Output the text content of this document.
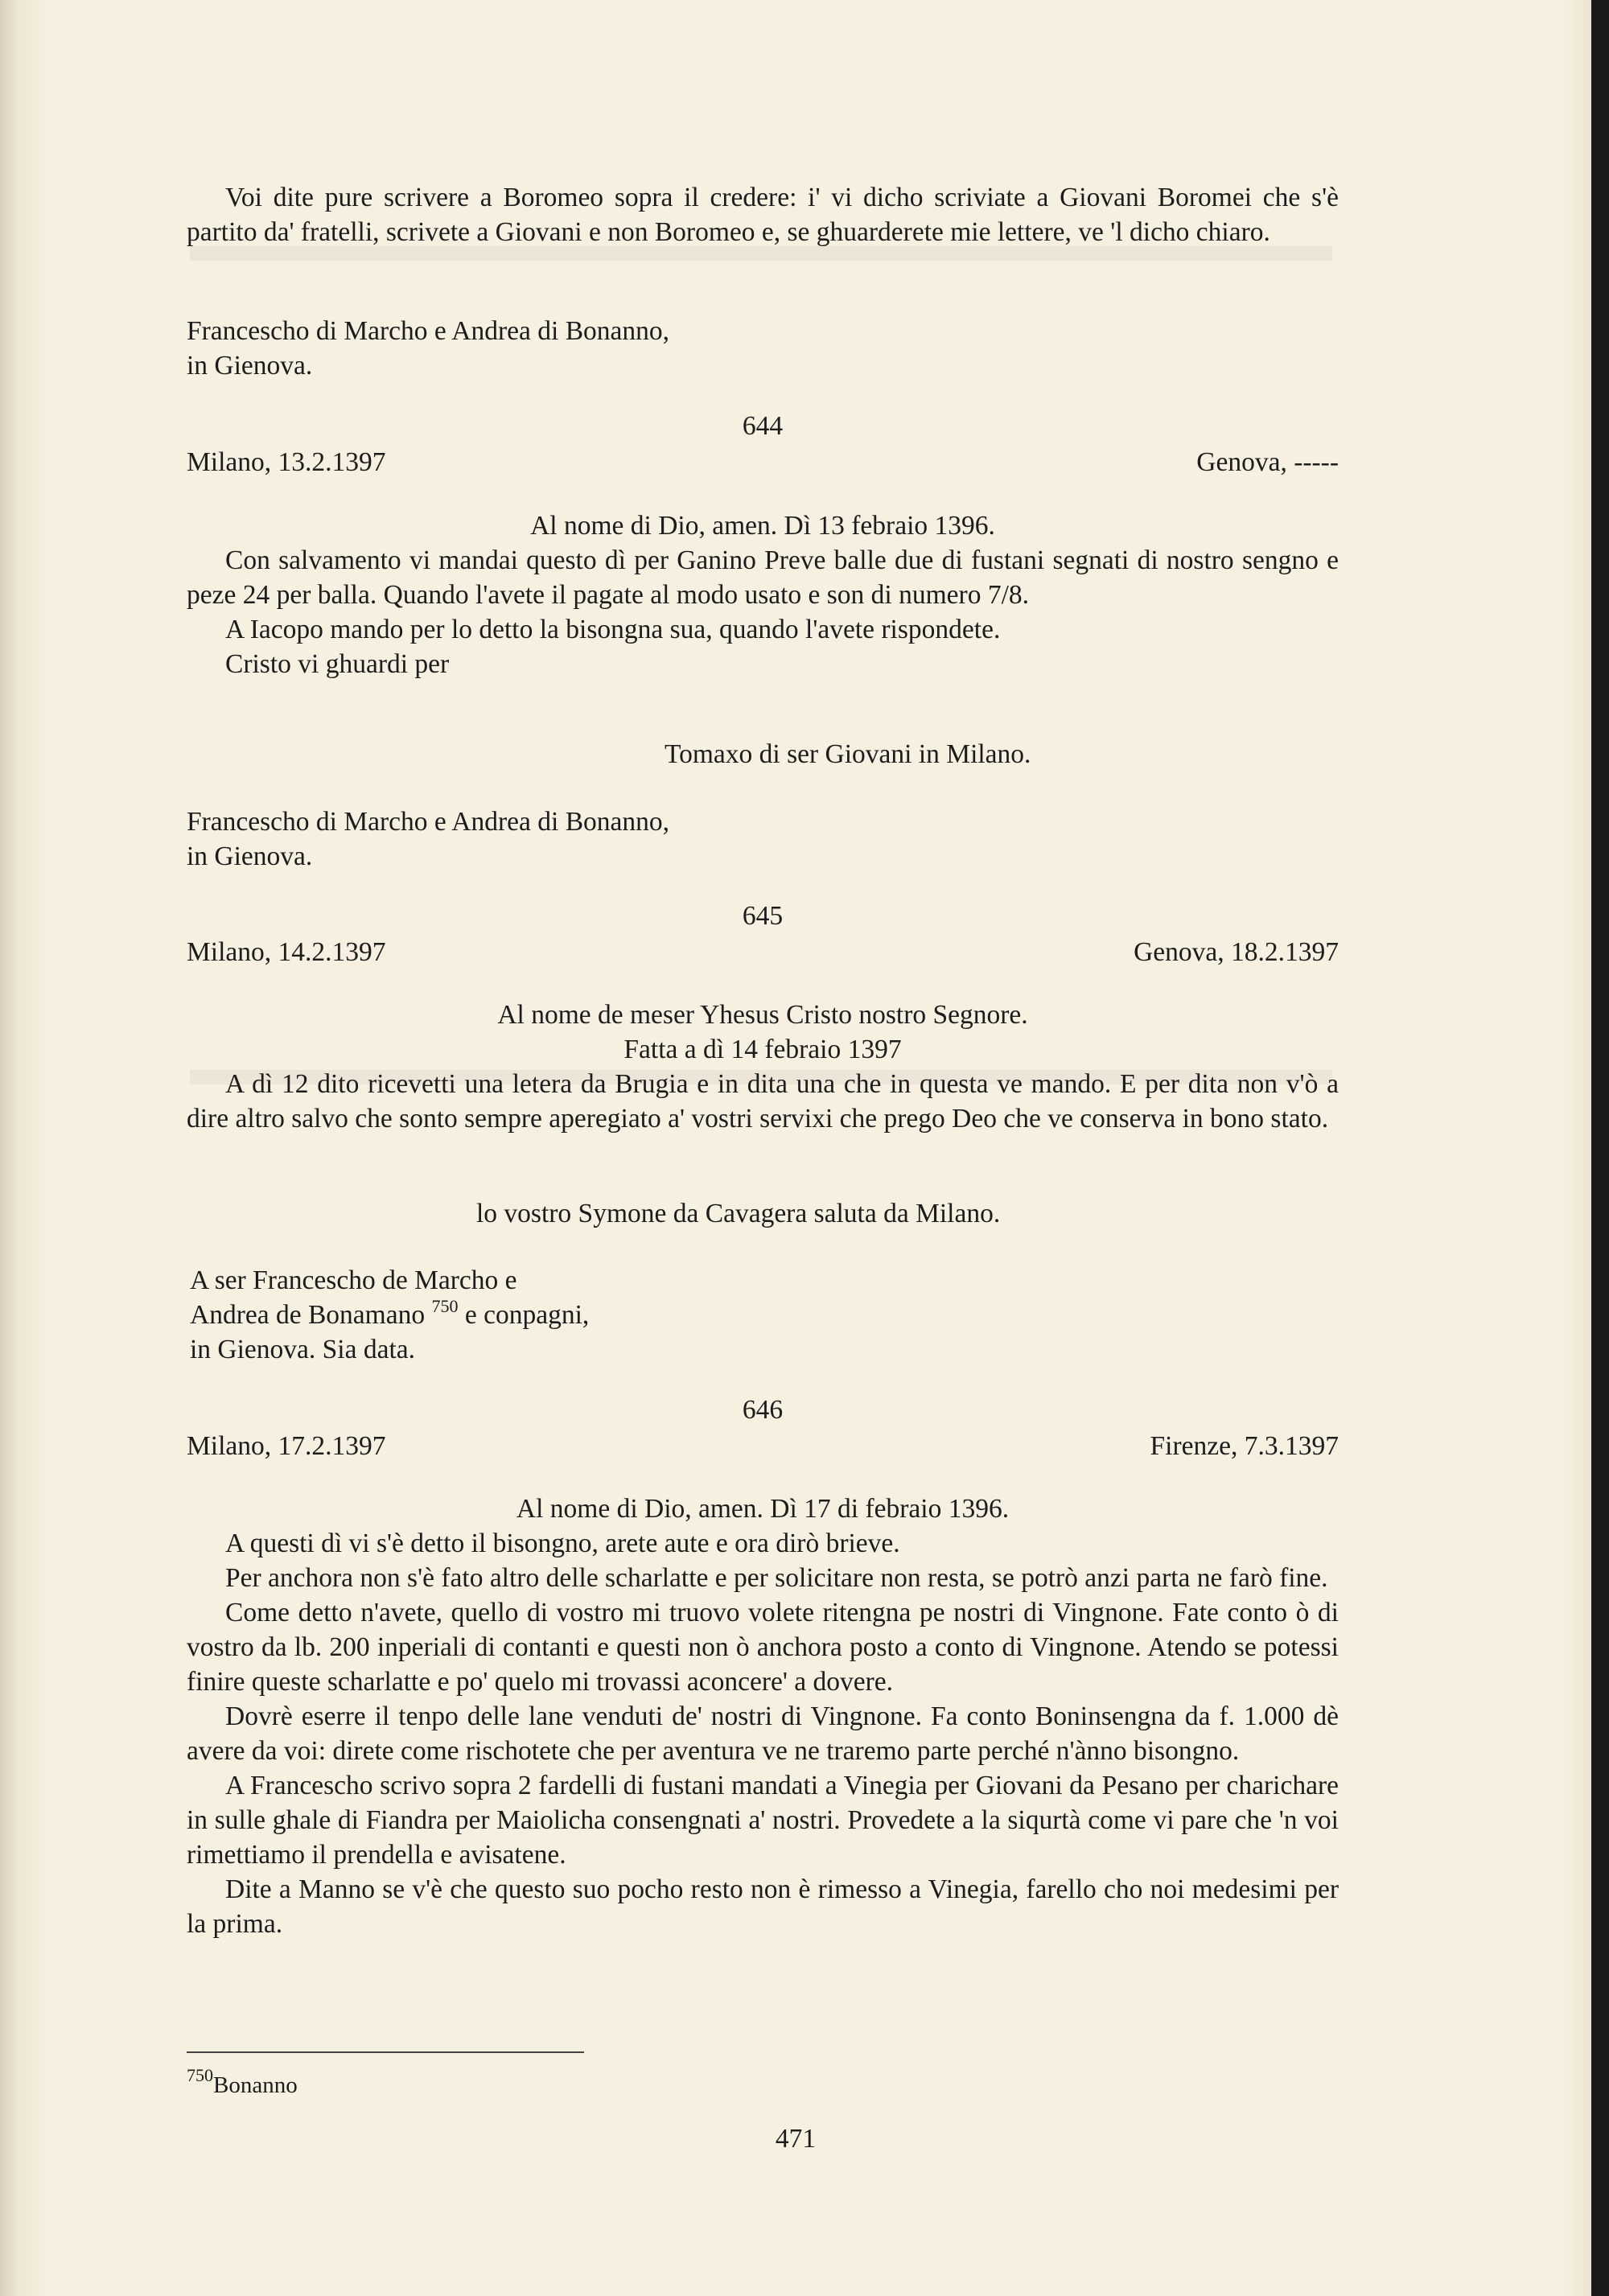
Voi dite pure scrivere a Boromeo sopra il credere: i' vi dicho scriviate a Giovani Boromei che s'è partito da' fratelli, scrivete a Giovani e non Boromeo e, se ghuarderete mie lettere, ve 'l dicho chiaro.

Francescho di Marcho e Andrea di Bonanno,

in Gienova.

644
Milano, 13.2.1397	Genova, -----

Al nome di Dio, amen. Dì 13 febraio 1396.

Con salvamento vi mandai questo dì per Ganino Preve balle due di fustani segnati di nostro sengno e peze 24 per balla. Quando l'avete il pagate al modo usato e son di numero 7/8.

A Iacopo mando per lo detto la bisongna sua, quando l'avete rispondete.

Cristo vi ghuardi per

Tomaxo di ser Giovani in Milano.

Francescho di Marcho e Andrea di Bonanno,

in Gienova.

645
Milano, 14.2.1397	Genova, 18.2.1397

Al nome de meser Yhesus Cristo nostro Segnore.

Fatta a dì 14 febraio 1397

A dì 12 dito ricevetti una letera da Brugia e in dita una che in questa ve mando. E per dita non v'ò a dire altro salvo che sonto sempre aperegiato a' vostri servixi che prego Deo che ve conserva in bono stato.

lo vostro Symone da Cavagera saluta da Milano.

A ser Francescho de Marcho e

Andrea de Bonamano $^{750}$ e conpagni,

in Gienova. Sia data.

646
Milano, 17.2.1397	Firenze, 7.3.1397

Al nome di Dio, amen. Dì 17 di febraio 1396.

A questi dì vi s'è detto il bisongno, arete aute e ora dirò brieve.

Per anchora non s'è fato altro delle scharlatte e per solicitare non resta, se potrò anzi parta ne farò fine.

Come detto n'avete, quello di vostro mi truovo volete ritengna pe nostri di Vingnone. Fate conto ò di vostro da lb. 200 inperiali di contanti e questi non ò anchora posto a conto di Vingnone. Atendo se potessi finire queste scharlatte e po' quelo mi trovassi aconcere' a dovere.

Dovrè eserre il tenpo delle lane venduti de' nostri di Vingnone. Fa conto Boninsengna da f. 1.000 dè avere da voi: direte come rischotete che per aventura ve ne traremo parte perché n'ànno bisongno.

A Francescho scrivo sopra 2 fardelli di fustani mandati a Vinegia per Giovani da Pesano per charichare in sulle ghale di Fiandra per Maiolicha consengnati a' nostri. Provedete a la siqurtà come vi pare che 'n voi rimettiamo il prendella e avisatene.

Dite a Manno se v'è che questo suo pocho resto non è rimesso a Vinegia, farello cho noi medesimi per la prima.

$^{750}$Bonanno
471
